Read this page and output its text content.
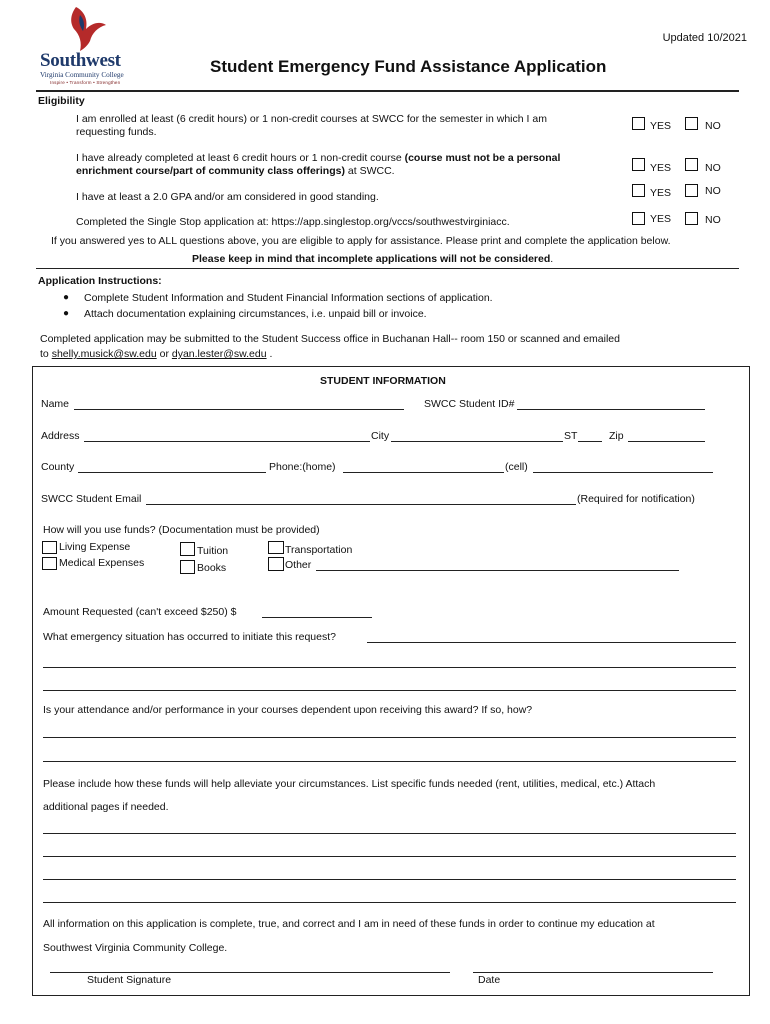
Southwest
Virginia Community College
Inspire • Transform • Strengthen
Updated 10/2021
Student Emergency Fund Assistance Application
Eligibility
I am enrolled at least (6 credit hours) or 1 non-credit courses at SWCC for the semester in which I am
requesting funds.	YES	NO
I have already completed at least 6 credit hours or 1 non-credit course (course must not be a personal
enrichment course/part of community class offerings) at SWCC.	YES	NO
I have at least a 2.0 GPA and/or am considered in good standing.	YES	NO
Completed the Single Stop application at: https://app.singlestop.org/vccs/southwestvirginiacc.	YES	NO
If you answered yes to ALL questions above, you are eligible to apply for assistance. Please print and complete the application below.
Please keep in mind that incomplete applications will not be considered.
Application Instructions:
● Complete Student Information and Student Financial Information sections of application.
● Attach documentation explaining circumstances, i.e. unpaid bill or invoice.
Completed application may be submitted to the Student Success office in Buchanan Hall-- room 150 or scanned and emailed
to shelly.musick@sw.edu or dyan.lester@sw.edu .
STUDENT INFORMATION
Name	SWCC Student ID#
Address	City	ST	Zip
County	Phone:(home)	(cell)
SWCC Student Email	(Required for notification)
How will you use funds? (Documentation must be provided)
Living Expense
Medical Expenses
Tuition
Books
Transportation
Other
Amount Requested (can't exceed $250) $
What emergency situation has occurred to initiate this request?
Is your attendance and/or performance in your courses dependent upon receiving this award? If so, how?
Please include how these funds will help alleviate your circumstances. List specific funds needed (rent, utilities, medical, etc.) Attach
additional pages if needed.
All information on this application is complete, true, and correct and I am in need of these funds in order to continue my education at
Southwest Virginia Community College.
Student Signature	Date
